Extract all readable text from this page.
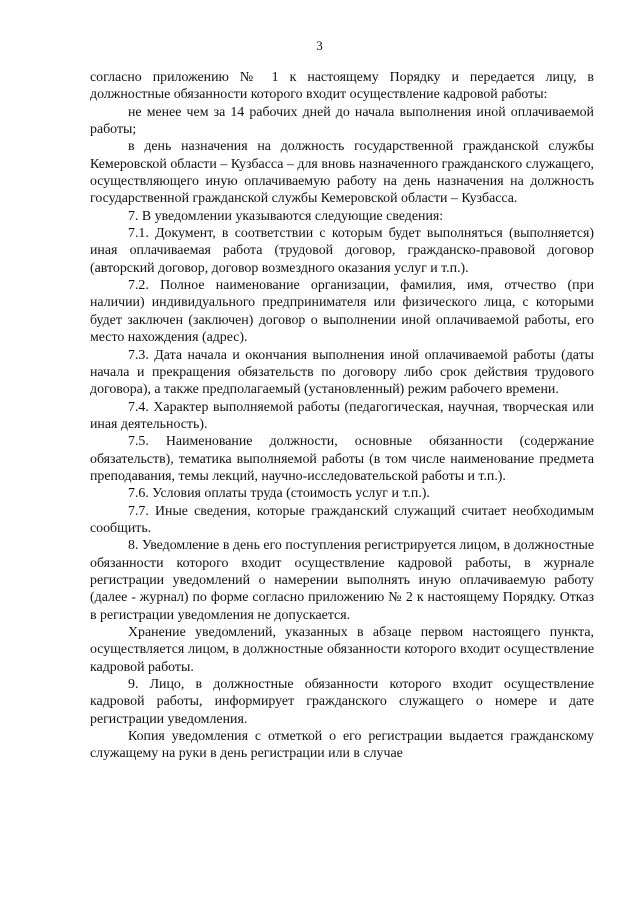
3

согласно приложению № 1 к настоящему Порядку и передается лицу, в должностные обязанности которого входит осуществление кадровой работы:

не менее чем за 14 рабочих дней до начала выполнения иной оплачиваемой работы;

в день назначения на должность государственной гражданской службы Кемеровской области – Кузбасса – для вновь назначенного гражданского служащего, осуществляющего иную оплачиваемую работу на день назначения на должность государственной гражданской службы Кемеровской области – Кузбасса.

7. В уведомлении указываются следующие сведения:

7.1. Документ, в соответствии с которым будет выполняться (выполняется) иная оплачиваемая работа (трудовой договор, гражданско-правовой договор (авторский договор, договор возмездного оказания услуг и т.п.).

7.2. Полное наименование организации, фамилия, имя, отчество (при наличии) индивидуального предпринимателя или физического лица, с которыми будет заключен (заключен) договор о выполнении иной оплачиваемой работы, его место нахождения (адрес).

7.3. Дата начала и окончания выполнения иной оплачиваемой работы (даты начала и прекращения обязательств по договору либо срок действия трудового договора), а также предполагаемый (установленный) режим рабочего времени.

7.4. Характер выполняемой работы (педагогическая, научная, творческая или иная деятельность).

7.5. Наименование должности, основные обязанности (содержание обязательств), тематика выполняемой работы (в том числе наименование предмета преподавания, темы лекций, научно-исследовательской работы и т.п.).

7.6. Условия оплаты труда (стоимость услуг и т.п.).

7.7. Иные сведения, которые гражданский служащий считает необходимым сообщить.

8. Уведомление в день его поступления регистрируется лицом, в должностные обязанности которого входит осуществление кадровой работы, в журнале регистрации уведомлений о намерении выполнять иную оплачиваемую работу (далее - журнал) по форме согласно приложению № 2 к настоящему Порядку. Отказ в регистрации уведомления не допускается.

Хранение уведомлений, указанных в абзаце первом настоящего пункта, осуществляется лицом, в должностные обязанности которого входит осуществление кадровой работы.

9. Лицо, в должностные обязанности которого входит осуществление кадровой работы, информирует гражданского служащего о номере и дате регистрации уведомления.

Копия уведомления с отметкой о его регистрации выдается гражданскому служащему на руки в день регистрации или в случае
